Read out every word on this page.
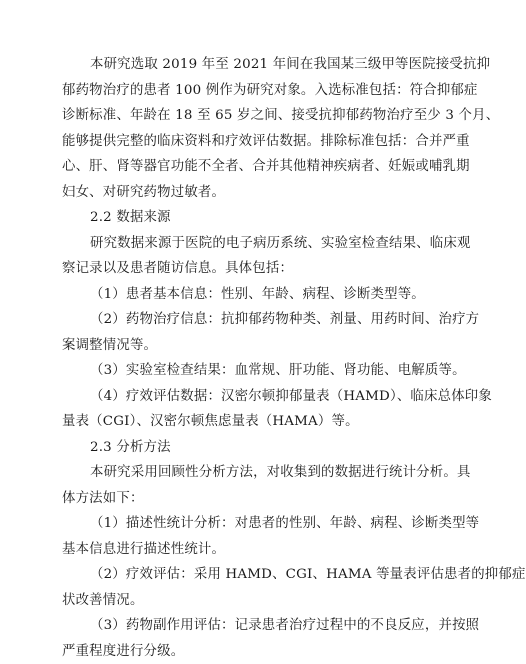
本研究选取 2019 年至 2021 年间在我国某三级甲等医院接受抗抑
郁药物治疗的患者 100 例作为研究对象。入选标准包括：符合抑郁症
诊断标准、年龄在 18 至 65 岁之间、接受抗抑郁药物治疗至少 3 个月、
能够提供完整的临床资料和疗效评估数据。排除标准包括：合并严重
心、肝、肾等器官功能不全者、合并其他精神疾病者、妊娠或哺乳期
妇女、对研究药物过敏者。
2.2 数据来源
研究数据来源于医院的电子病历系统、实验室检查结果、临床观
察记录以及患者随访信息。具体包括：
（1）患者基本信息：性别、年龄、病程、诊断类型等。
（2）药物治疗信息：抗抑郁药物种类、剂量、用药时间、治疗方
案调整情况等。
（3）实验室检查结果：血常规、肝功能、肾功能、电解质等。
（4）疗效评估数据：汉密尔顿抑郁量表（HAMD）、临床总体印象
量表（CGI）、汉密尔顿焦虑量表（HAMA）等。
2.3 分析方法
本研究采用回顾性分析方法，对收集到的数据进行统计分析。具
体方法如下：
（1）描述性统计分析：对患者的性别、年龄、病程、诊断类型等
基本信息进行描述性统计。
（2）疗效评估：采用 HAMD、CGI、HAMA 等量表评估患者的抑郁症
状改善情况。
（3）药物副作用评估：记录患者治疗过程中的不良反应，并按照
严重程度进行分级。
